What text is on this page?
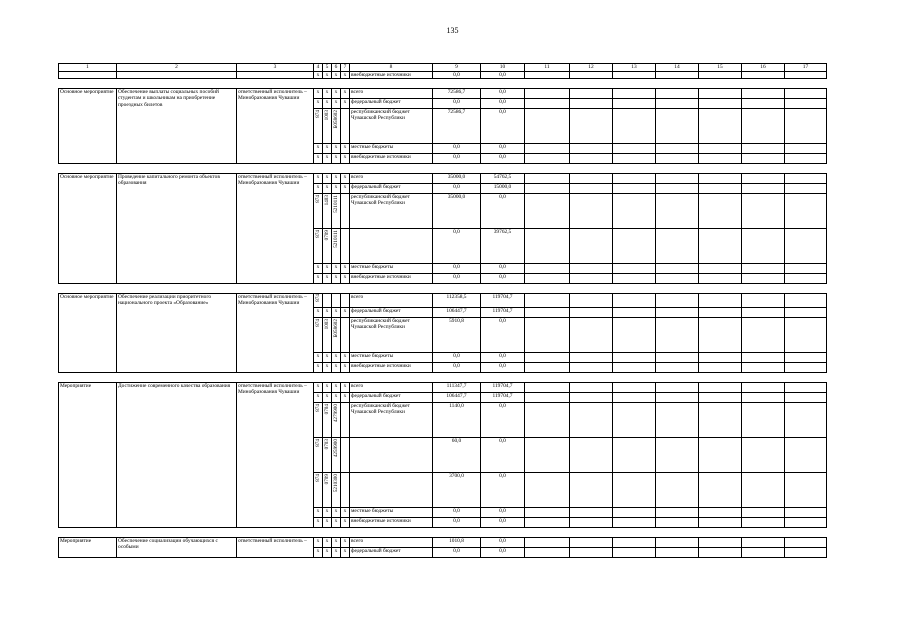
135
1	2	3	4	5	6	7	8	9	10	11	12	13	14	15	16	17
			х	х	х	х	внебюджетные источники	0,0	0,0							

Основное мероприятие	Обеспечение выплаты социальных пособий студентам и школьникам на приобретение проездных билетов	ответственный исполнитель – Минобразования Чувашии	х	х	х	х	всего	72586,7	0,0							
			х	х	х	х	федеральный бюджет	0,0	0,0							

			874	1003	Б058602		республиканский бюджет Чувашской Республики	72586,7	0,0							
			х	х	х	х	местные бюджеты	0,0	0,0							
			х	х	х	х	внебюджетные источники	0,0	0,0							

Основное мероприятие	Проведение капитального ремонта объектов образования	ответственный исполнитель – Минобразования Чувашии	х	х	х	х	всего	35000,0	54762,5							
			х	х	х	х	федеральный бюджет	0,0	15000,0							

			874	1403	5210111		республиканский бюджет Чувашской Республики	35000,0	0,0							

			874	0709	5210111			0,0	39762,5							
			х	х	х	х	местные бюджеты	0,0	0,0							
			х	х	х	х	внебюджетные источники	0,0	0,0							

Основное мероприятие	Обеспечение реализации приоритетного национального проекта «Образование»	ответственный исполнитель – Минобразования Чувашии	874				всего	112358,5	119704,7							
			х	х	х	х	федеральный бюджет	106447,7	119704,7							

			874	1003	Б058602		республиканский бюджет Чувашской Республики	5910,8	0,0							
			х	х	х	х	местные бюджеты	0,0	0,0							
			х	х	х	х	внебюджетные источники	0,0	0,0							

Мероприятие	Достижение современного качества образования	ответственный исполнитель – Минобразования Чувашии	х	х	х	х	всего	111347,7	119704,7							
			х	х	х	х	федеральный бюджет	106447,7	119704,7							

			874	0704	4279900		республиканский бюджет Чувашской Республики	1140,0	0,0							

			874	0703	4259900			60,0	0,0							

			874	0709	5210300			3700,0	0,0							
			х	х	х	х	местные бюджеты	0,0	0,0							
			х	х	х	х	внебюджетные источники	0,0	0,0							

Мероприятие	Обеспечение социализации обучающихся с особыми	ответственный исполнитель –	х	х	х	х	всего	1010,8	0,0							
			х	х	х	х	федеральный бюджет	0,0	0,0							
